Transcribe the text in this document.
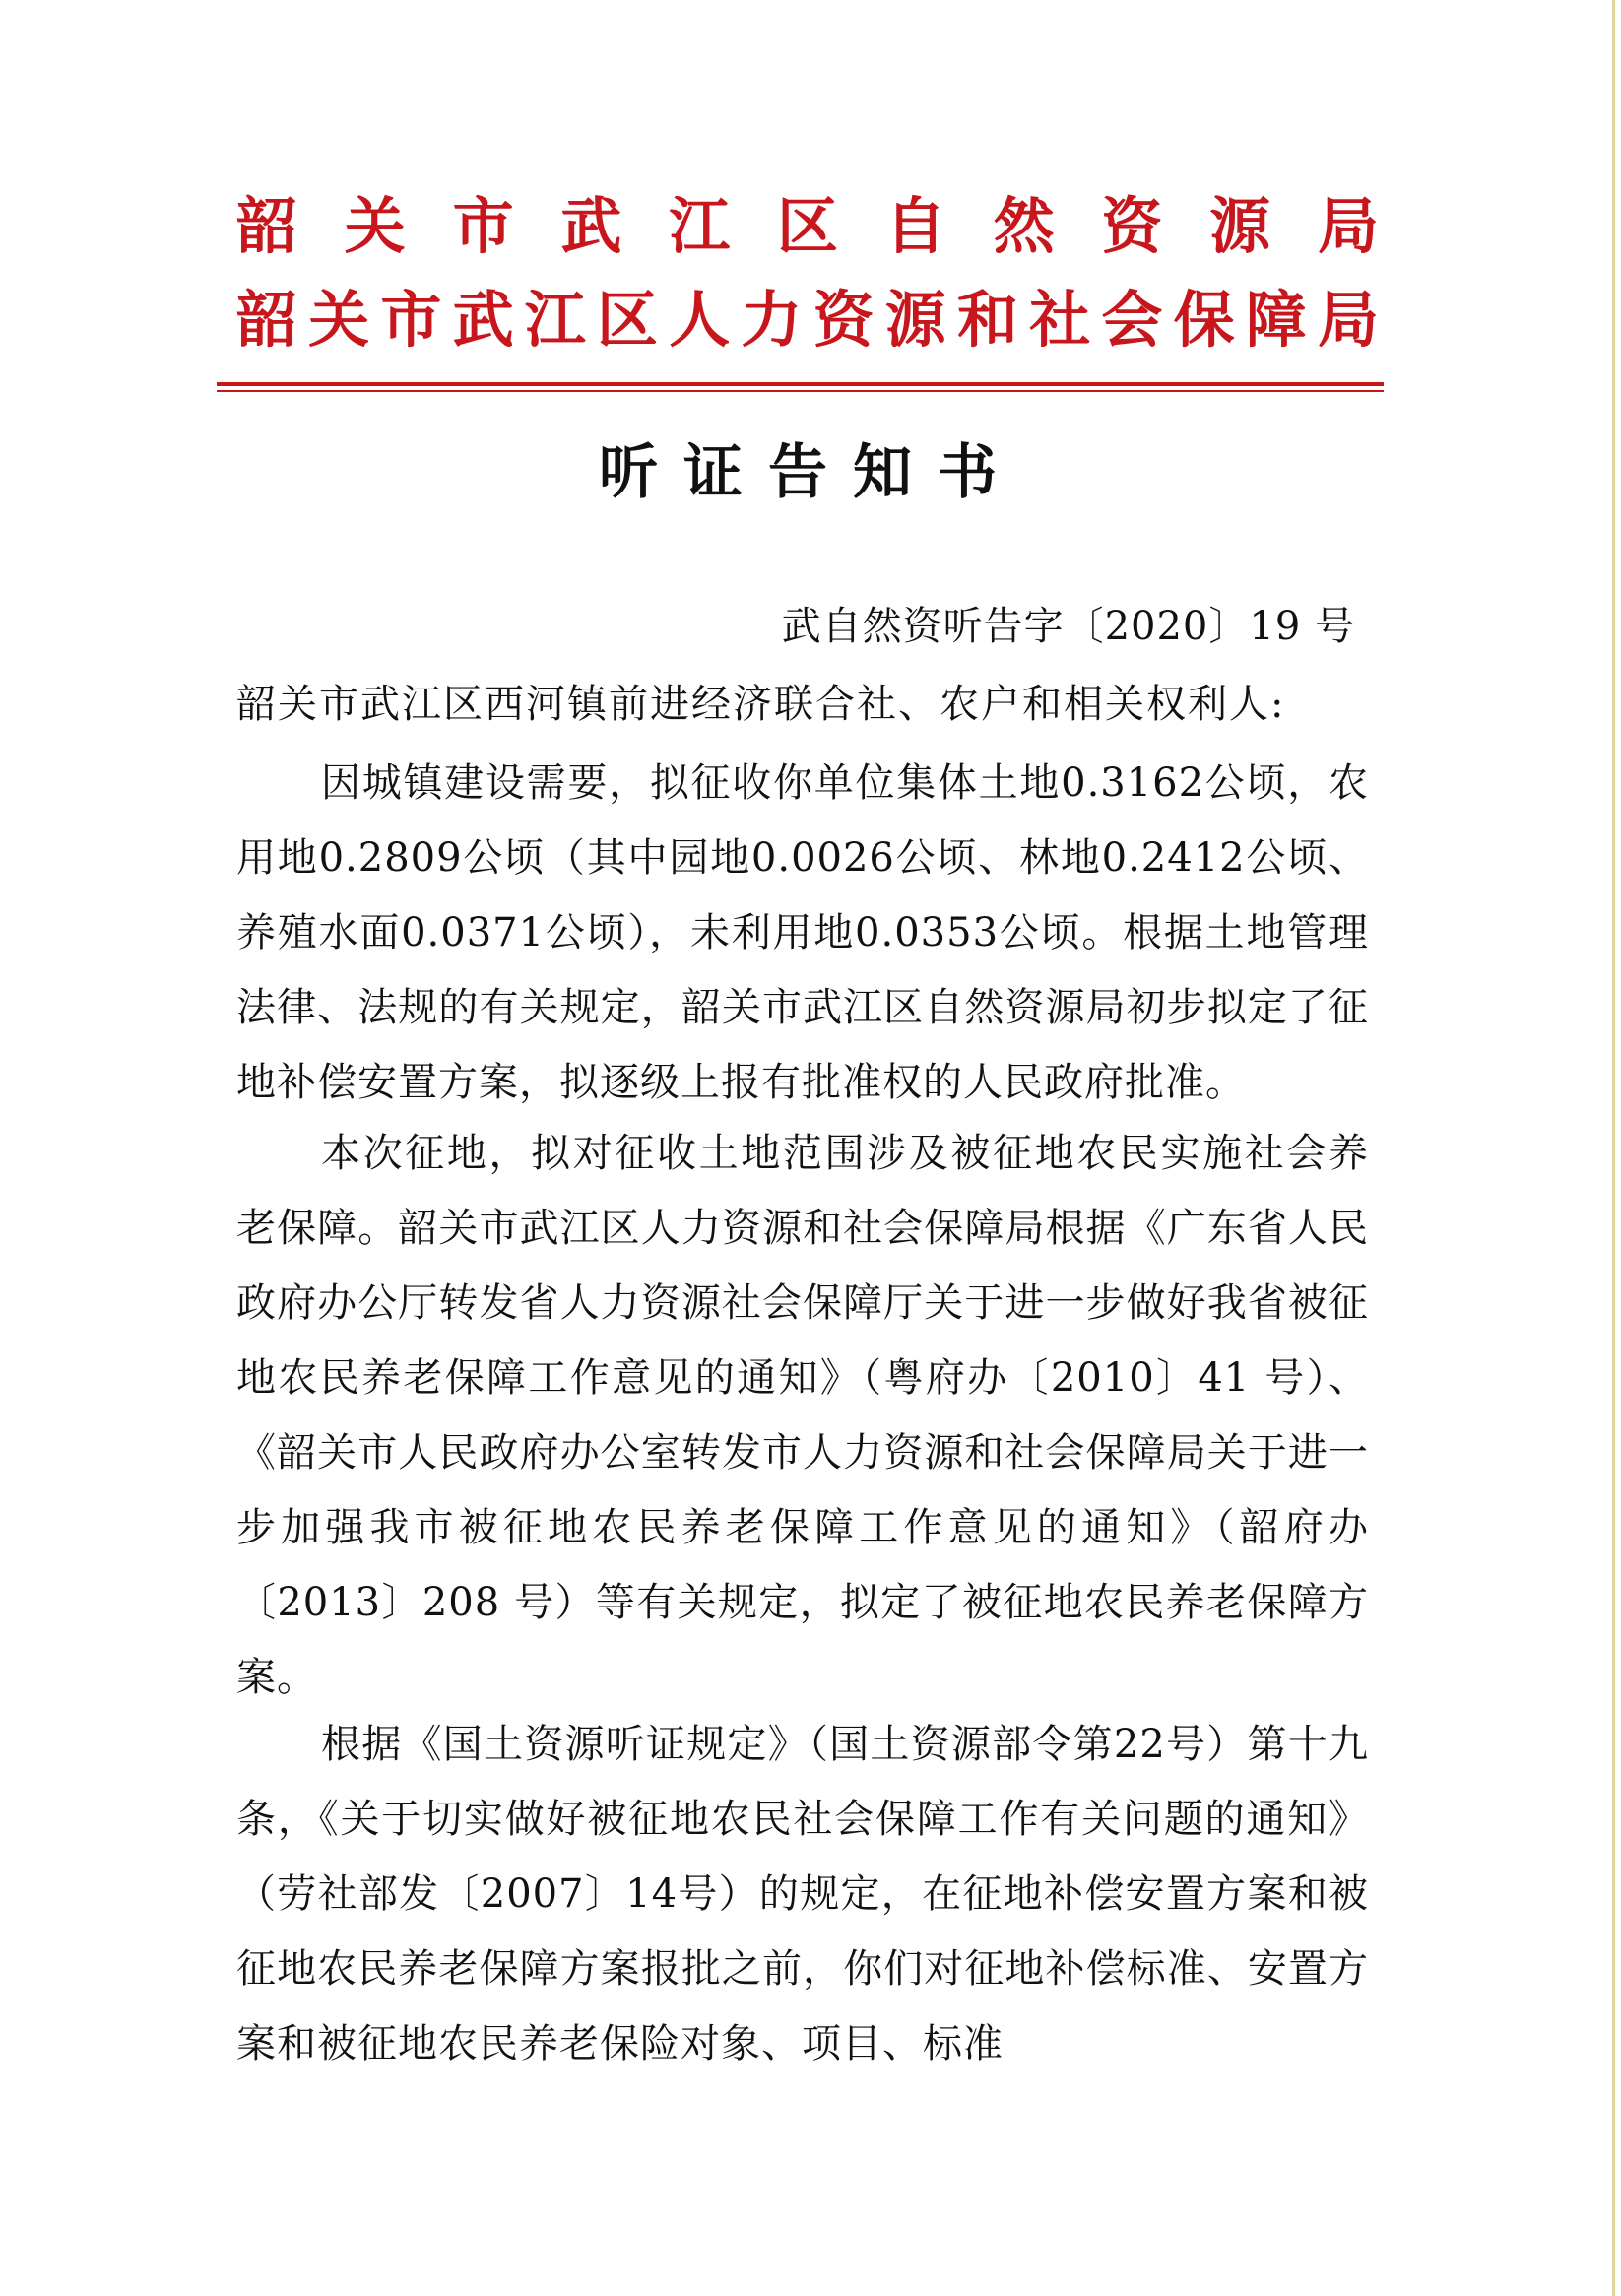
韶关市武江区自然资源局
韶关市武江区人力资源和社会保障局
听证告知书
武自然资听告字〔2020〕19 号
韶关市武江区西河镇前进经济联合社、农户和相关权利人:
因城镇建设需要，拟征收你单位集体土地0.3162公顷，农用地0.2809公顷（其中园地0.0026公顷、林地0.2412公顷、养殖水面0.0371公顷），未利用地0.0353公顷。根据土地管理法律、法规的有关规定，韶关市武江区自然资源局初步拟定了征地补偿安置方案，拟逐级上报有批准权的人民政府批准。
本次征地，拟对征收土地范围涉及被征地农民实施社会养老保障。韶关市武江区人力资源和社会保障局根据《广东省人民政府办公厅转发省人力资源社会保障厅关于进一步做好我省被征地农民养老保障工作意见的通知》（粤府办〔2010〕41 号）、《韶关市人民政府办公室转发市人力资源和社会保障局关于进一步加强我市被征地农民养老保障工作意见的通知》（韶府办〔2013〕208 号）等有关规定，拟定了被征地农民养老保障方案。
根据《国土资源听证规定》（国土资源部令第22号）第十九条，《关于切实做好被征地农民社会保障工作有关问题的通知》（劳社部发〔2007〕14号）的规定，在征地补偿安置方案和被征地农民养老保障方案报批之前，你们对征地补偿标准、安置方案和被征地农民养老保险对象、项目、标准
